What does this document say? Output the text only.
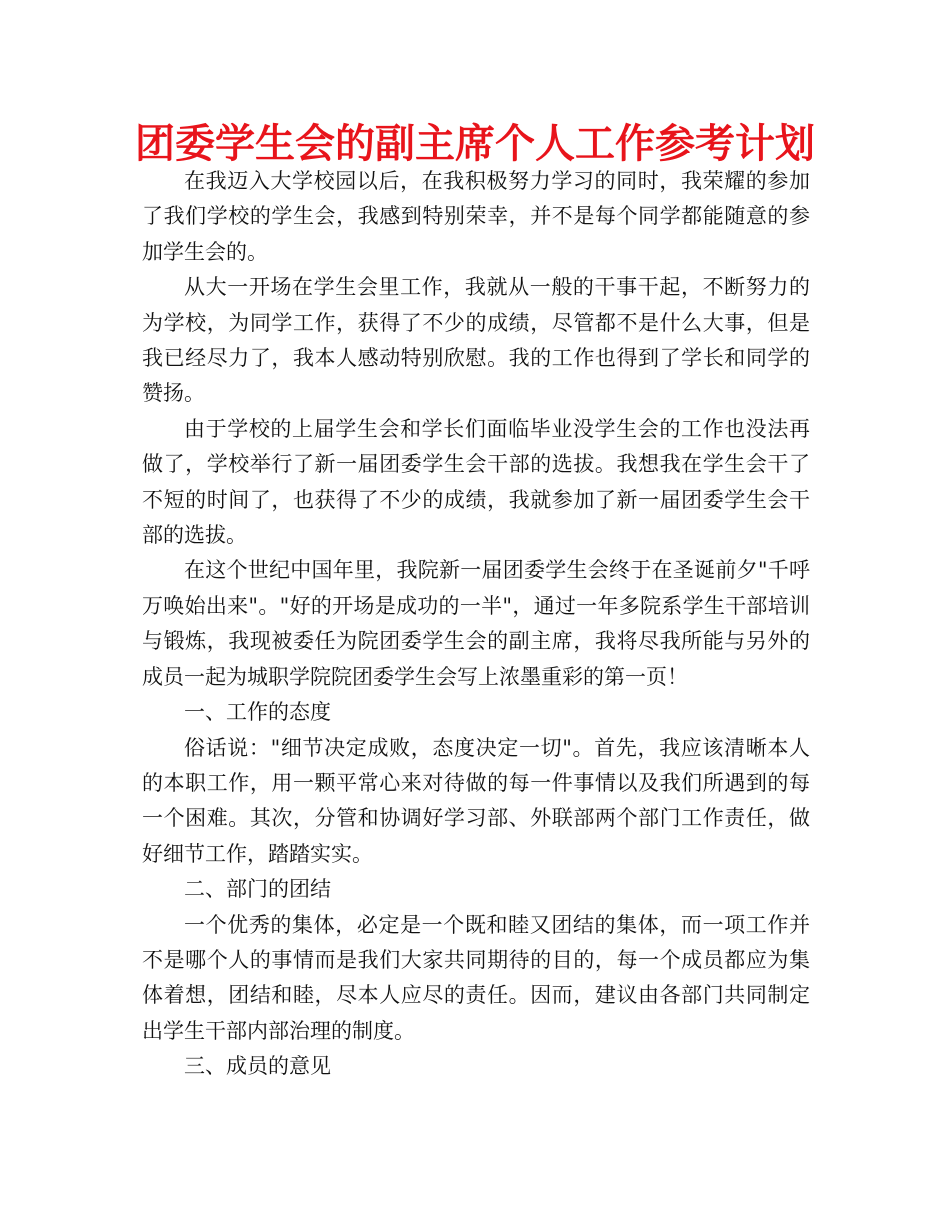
团委学生会的副主席个人工作参考计划

在我迈入大学校园以后，在我积极努力学习的同时，我荣耀的参加了我们学校的学生会，我感到特别荣幸，并不是每个同学都能随意的参加学生会的。

从大一开场在学生会里工作，我就从一般的干事干起，不断努力的为学校，为同学工作，获得了不少的成绩，尽管都不是什么大事，但是我已经尽力了，我本人感动特别欣慰。我的工作也得到了学长和同学的赞扬。

由于学校的上届学生会和学长们面临毕业没学生会的工作也没法再做了，学校举行了新一届团委学生会干部的选拔。我想我在学生会干了不短的时间了，也获得了不少的成绩，我就参加了新一届团委学生会干部的选拔。

在这个世纪中国年里，我院新一届团委学生会终于在圣诞前夕"千呼万唤始出来"。"好的开场是成功的一半"，通过一年多院系学生干部培训与锻炼，我现被委任为院团委学生会的副主席，我将尽我所能与另外的成员一起为城职学院院团委学生会写上浓墨重彩的第一页！

一、工作的态度

俗话说："细节决定成败，态度决定一切"。首先，我应该清晰本人的本职工作，用一颗平常心来对待做的每一件事情以及我们所遇到的每一个困难。其次，分管和协调好学习部、外联部两个部门工作责任，做好细节工作，踏踏实实。

二、部门的团结

一个优秀的集体，必定是一个既和睦又团结的集体，而一项工作并不是哪个人的事情而是我们大家共同期待的目的，每一个成员都应为集体着想，团结和睦，尽本人应尽的责任。因而，建议由各部门共同制定出学生干部内部治理的制度。

三、成员的意见
